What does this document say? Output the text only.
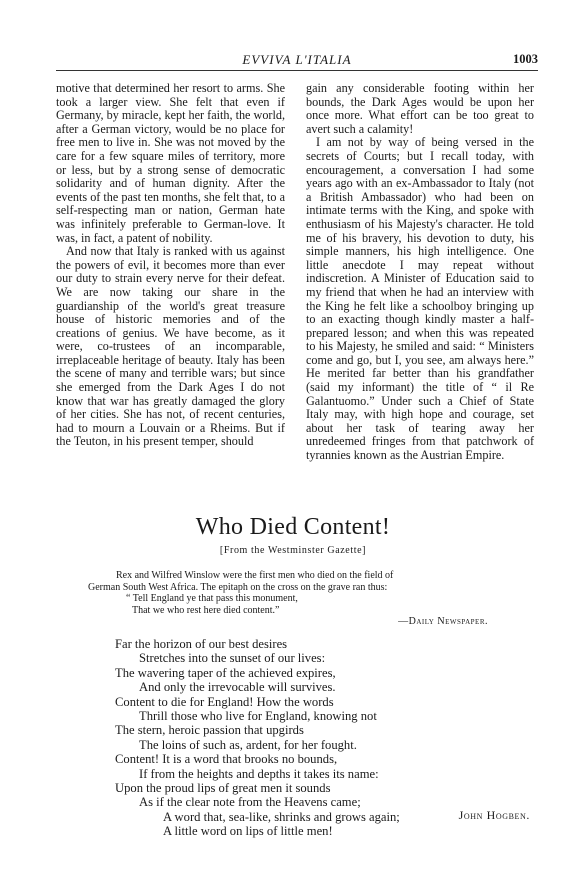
EVVIVA L'ITALIA	1003

motive that determined her resort to arms. She took a larger view. She felt that even if Germany, by miracle, kept her faith, the world, after a German victory, would be no place for free men to live in. She was not moved by the care for a few square miles of territory, more or less, but by a strong sense of democratic solidarity and of human dignity. After the events of the past ten months, she felt that, to a self-respecting man or nation, German hate was infinitely preferable to German-love. It was, in fact, a patent of nobility.

And now that Italy is ranked with us against the powers of evil, it becomes more than ever our duty to strain every nerve for their defeat. We are now taking our share in the guardianship of the world's great treasure house of historic memories and of the creations of genius. We have become, as it were, co-trustees of an incomparable, irreplaceable heritage of beauty. Italy has been the scene of many and terrible wars; but since she emerged from the Dark Ages I do not know that war has greatly damaged the glory of her cities. She has not, of recent centuries, had to mourn a Louvain or a Rheims. But if the Teuton, in his present temper, should

gain any considerable footing within her bounds, the Dark Ages would be upon her once more. What effort can be too great to avert such a calamity!

I am not by way of being versed in the secrets of Courts; but I recall today, with encouragement, a conversation I had some years ago with an ex-Ambassador to Italy (not a British Ambassador) who had been on intimate terms with the King, and spoke with enthusiasm of his Majesty's character. He told me of his bravery, his devotion to duty, his simple manners, his high intelligence. One little anecdote I may repeat without indiscretion. A Minister of Education said to my friend that when he had an interview with the King he felt like a schoolboy bringing up to an exacting though kindly master a half-prepared lesson; and when this was repeated to his Majesty, he smiled and said: “ Ministers come and go, but I, you see, am always here.” He merited far better than his grandfather (said my informant) the title of “ il Re Galantuomo.” Under such a Chief of State Italy may, with high hope and courage, set about her task of tearing away her unredeemed fringes from that patchwork of tyrannies known as the Austrian Empire.

Who Died Content!
[From the Westminster Gazette]
Rex and Wilfred Winslow were the first men who died on the field of
German South West Africa. The epitaph on the cross on the grave ran thus:
“ Tell England ye that pass this monument,
That we who rest here died content.”
—Daily Newspaper.
Far the horizon of our best desires
Stretches into the sunset of our lives:
The wavering taper of the achieved expires,
And only the irrevocable will survives.
Content to die for England! How the words
Thrill those who live for England, knowing not
The stern, heroic passion that upgirds
The loins of such as, ardent, for her fought.
Content! It is a word that brooks no bounds,
If from the heights and depths it takes its name:
Upon the proud lips of great men it sounds
As if the clear note from the Heavens came;
A word that, sea-like, shrinks and grows again;
A little word on lips of little men!
John Hogben.
